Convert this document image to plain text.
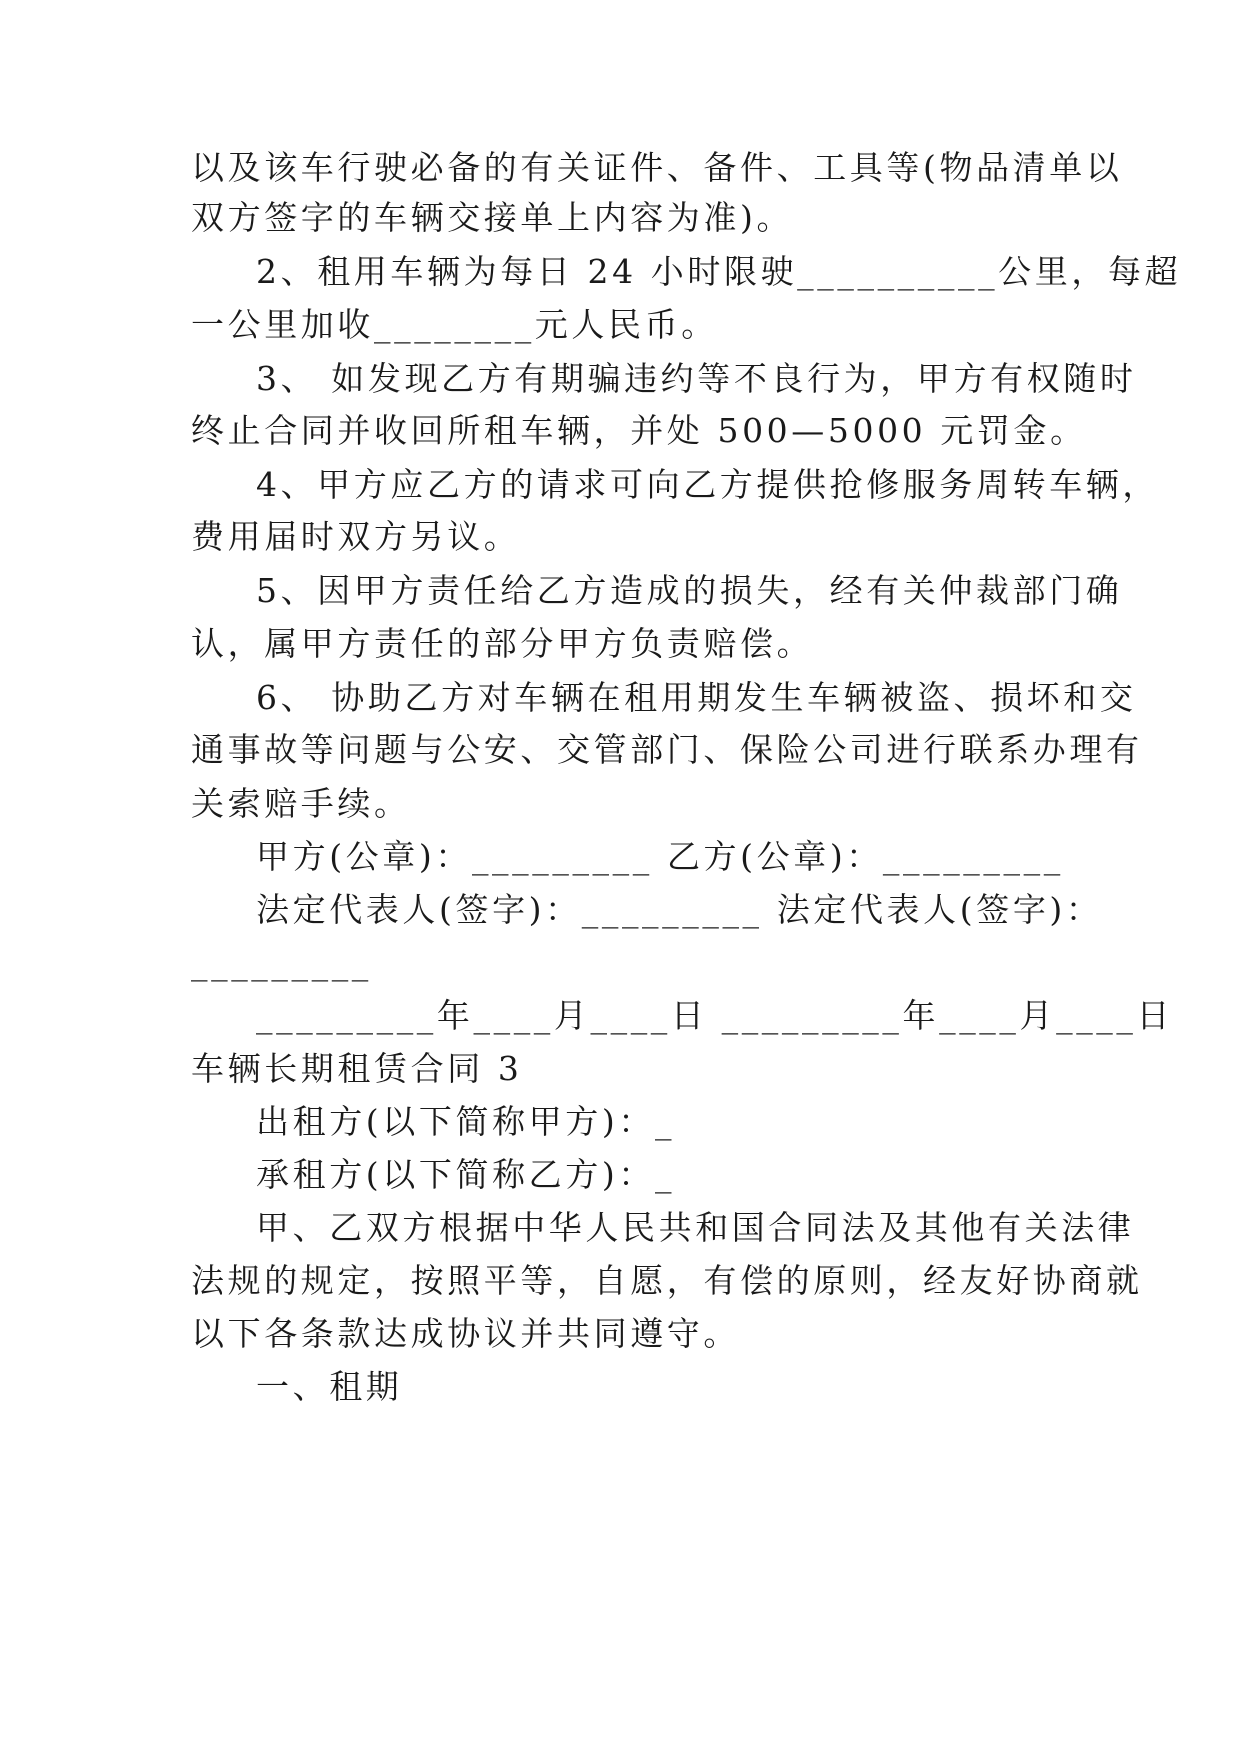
以及该车行驶必备的有关证件、备件、工具等(物品清单以
双方签字的车辆交接单上内容为准)。
2、租用车辆为每日 24 小时限驶__________公里，每超
一公里加收________元人民币。
3、 如发现乙方有期骗违约等不良行为，甲方有权随时
终止合同并收回所租车辆，并处 500—5000 元罚金。
4、甲方应乙方的请求可向乙方提供抢修服务周转车辆，
费用届时双方另议。
5、因甲方责任给乙方造成的损失，经有关仲裁部门确
认，属甲方责任的部分甲方负责赔偿。
6、 协助乙方对车辆在租用期发生车辆被盗、损坏和交
通事故等问题与公安、交管部门、保险公司进行联系办理有
关索赔手续。
甲方(公章)：_________ 乙方(公章)：_________
法定代表人(签字)：_________ 法定代表人(签字)：
_________
_________年____月____日 _________年____月____日
车辆长期租赁合同 3
出租方(以下简称甲方)：_
承租方(以下简称乙方)：_
甲、乙双方根据中华人民共和国合同法及其他有关法律
法规的规定，按照平等，自愿，有偿的原则，经友好协商就
以下各条款达成协议并共同遵守。
一、租期
